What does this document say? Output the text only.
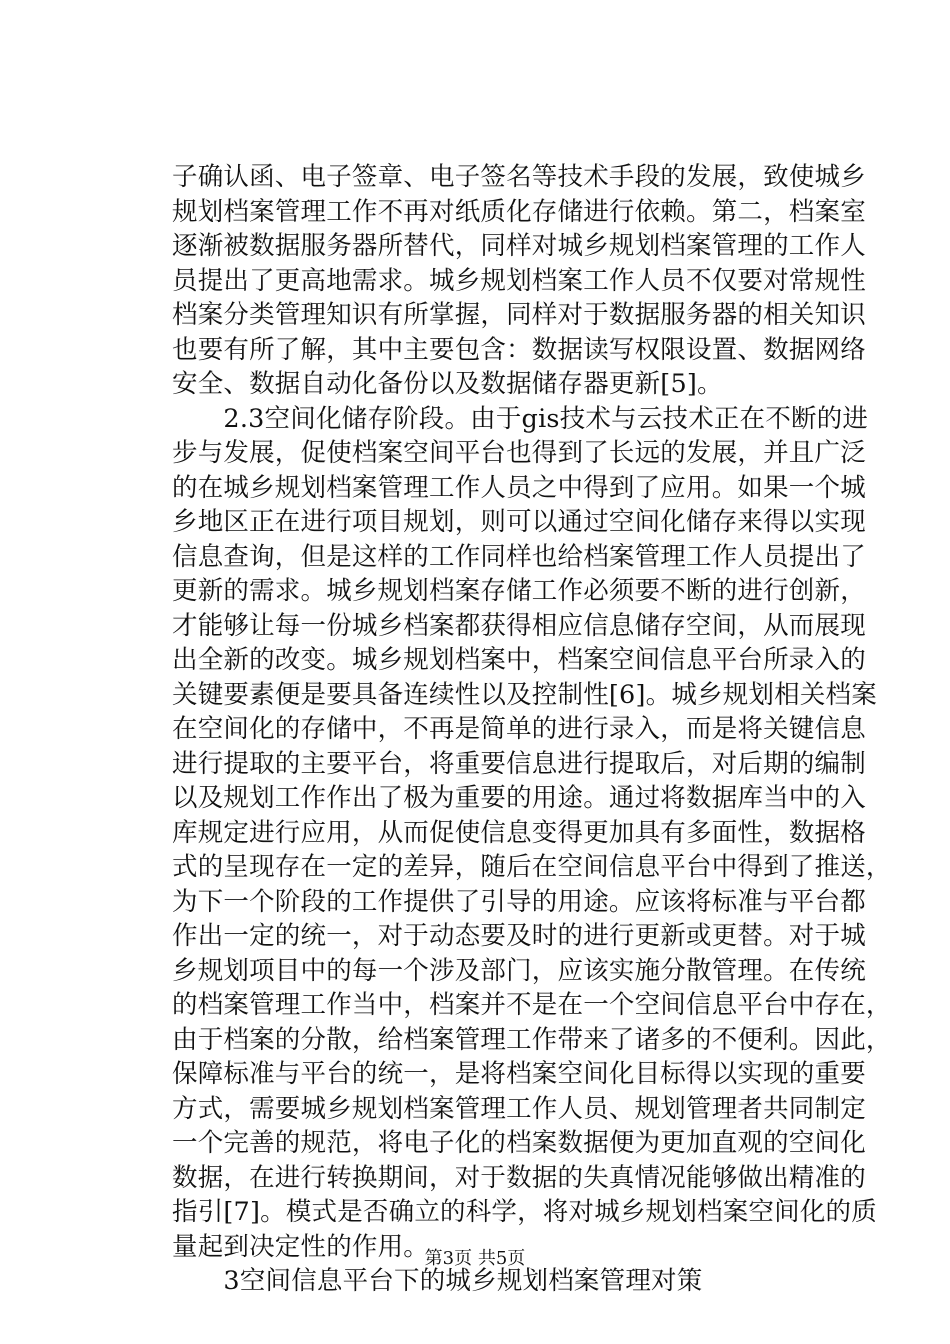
子确认函、电子签章、电子签名等技术手段的发展，致使城乡
规划档案管理工作不再对纸质化存储进行依赖。第二，档案室
逐渐被数据服务器所替代，同样对城乡规划档案管理的工作人
员提出了更高地需求。城乡规划档案工作人员不仅要对常规性
档案分类管理知识有所掌握，同样对于数据服务器的相关知识
也要有所了解，其中主要包含：数据读写权限设置、数据网络
安全、数据自动化备份以及数据储存器更新[5]。
　　2.3空间化储存阶段。由于gis技术与云技术正在不断的进
步与发展，促使档案空间平台也得到了长远的发展，并且广泛
的在城乡规划档案管理工作人员之中得到了应用。如果一个城
乡地区正在进行项目规划，则可以通过空间化储存来得以实现
信息查询，但是这样的工作同样也给档案管理工作人员提出了
更新的需求。城乡规划档案存储工作必须要不断的进行创新，
才能够让每一份城乡档案都获得相应信息储存空间，从而展现
出全新的改变。城乡规划档案中，档案空间信息平台所录入的
关键要素便是要具备连续性以及控制性[6]。城乡规划相关档案
在空间化的存储中，不再是简单的进行录入，而是将关键信息
进行提取的主要平台，将重要信息进行提取后，对后期的编制
以及规划工作作出了极为重要的用途。通过将数据库当中的入
库规定进行应用，从而促使信息变得更加具有多面性，数据格
式的呈现存在一定的差异，随后在空间信息平台中得到了推送，
为下一个阶段的工作提供了引导的用途。应该将标准与平台都
作出一定的统一，对于动态要及时的进行更新或更替。对于城
乡规划项目中的每一个涉及部门，应该实施分散管理。在传统
的档案管理工作当中，档案并不是在一个空间信息平台中存在，
由于档案的分散，给档案管理工作带来了诸多的不便利。因此，
保障标准与平台的统一，是将档案空间化目标得以实现的重要
方式，需要城乡规划档案管理工作人员、规划管理者共同制定
一个完善的规范，将电子化的档案数据便为更加直观的空间化
数据，在进行转换期间，对于数据的失真情况能够做出精准的
指引[7]。模式是否确立的科学，将对城乡规划档案空间化的质
量起到决定性的作用。
　　3空间信息平台下的城乡规划档案管理对策
第3页 共5页
